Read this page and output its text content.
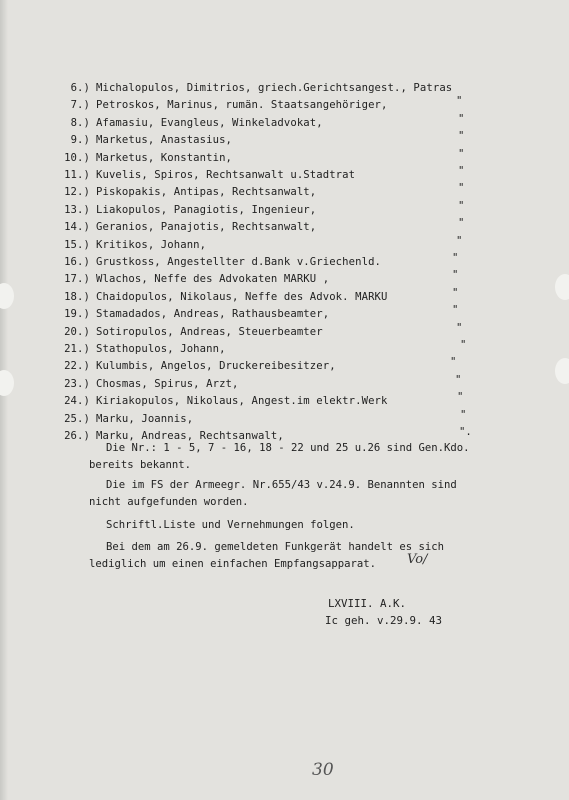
6.) Michalopulos, Dimitrios, griech.Gerichtsangest., Patras
7.) Petroskos, Marinus, rumän. Staatsangehöriger,	"
8.) Afamasiu, Evangleus, Winkeladvokat,	"
9.) Marketus, Anastasius,	"
10.) Marketus, Konstantin,	"
11.) Kuvelis, Spiros, Rechtsanwalt u.Stadtrat	"
12.) Piskopakis, Antipas, Rechtsanwalt,	"
13.) Liakopulos, Panagiotis, Ingenieur,	"
14.) Geranios, Panajotis, Rechtsanwalt,	"
15.) Kritikos, Johann,	"
16.) Grustkoss, Angestellter d.Bank v.Griechenld.	"
17.) Wlachos, Neffe des Advokaten MARKU ,	"
18.) Chaidopulos, Nikolaus, Neffe des Advok. MARKU	"
19.) Stamadados, Andreas, Rathausbeamter,	"
20.) Sotiropulos, Andreas, Steuerbeamter	"
21.) Stathopulos, Johann,	"
22.) Kulumbis, Angelos, Druckereibesitzer,	"
23.) Chosmas, Spirus, Arzt,	"
24.) Kiriakopulos, Nikolaus, Angest.im elektr.Werk	"
25.) Marku, Joannis,	"
26.) Marku, Andreas, Rechtsanwalt,	".
Die Nr.: 1 - 5, 7 - 16, 18 - 22 und 25 u.26 sind Gen.Kdo.
bereits bekannt.
Die im FS der Armeegr. Nr.655/43 v.24.9. Benannten sind
nicht aufgefunden worden.
Schriftl.Liste und Vernehmungen folgen.
Bei dem am 26.9. gemeldeten Funkgerät handelt es sich
lediglich um einen einfachen Empfangsapparat. Vo/
LXVIII. A.K.
Ic geh. v.29.9. 43
30
